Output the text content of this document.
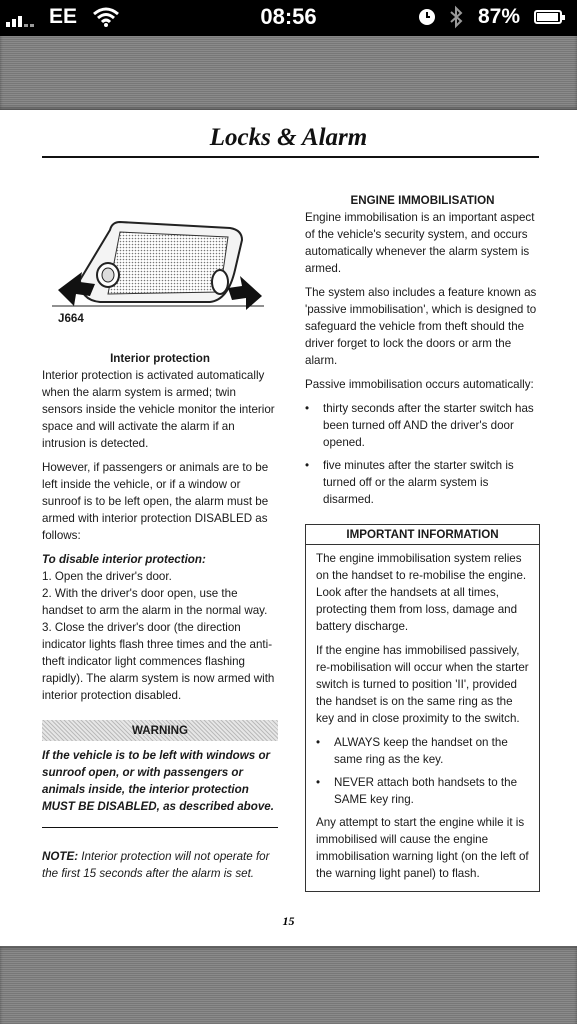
EE	08:56	87%
Locks & Alarm
J664
Interior protection

Interior protection is activated automatically when the alarm system is armed; twin sensors inside the vehicle monitor the interior space and will activate the alarm if an intrusion is detected.

However, if passengers or animals are to be left inside the vehicle, or if a window or sunroof is to be left open, the alarm must be armed with interior protection DISABLED as follows:

To disable interior protection:
1. Open the driver's door.
2. With the driver's door open, use the handset to arm the alarm in the normal way.
3. Close the driver's door (the direction indicator lights flash three times and the anti-theft indicator light commences flashing rapidly). The alarm system is now armed with interior protection disabled.
WARNING
If the vehicle is to be left with windows or sunroof open, or with passengers or animals inside, the interior protection MUST BE DISABLED, as described above.
NOTE: Interior protection will not operate for the first 15 seconds after the alarm is set.
ENGINE IMMOBILISATION

Engine immobilisation is an important aspect of the vehicle's security system, and occurs automatically whenever the alarm system is armed.

The system also includes a feature known as 'passive immobilisation', which is designed to safeguard the vehicle from theft should the driver forget to lock the doors or arm the alarm.

Passive immobilisation occurs automatically:

• thirty seconds after the starter switch has been turned off AND the driver's door opened.
• five minutes after the starter switch is turned off or the alarm system is disarmed.
IMPORTANT INFORMATION

The engine immobilisation system relies on the handset to re-mobilise the engine. Look after the handsets at all times, protecting them from loss, damage and battery discharge.

If the engine has immobilised passively, re-mobilisation will occur when the starter switch is turned to position 'II', provided the handset is on the same ring as the key and in close proximity to the switch.

• ALWAYS keep the handset on the same ring as the key.
• NEVER attach both handsets to the SAME key ring.

Any attempt to start the engine while it is immobilised will cause the engine immobilisation warning light (on the left of the warning light panel) to flash.

15
